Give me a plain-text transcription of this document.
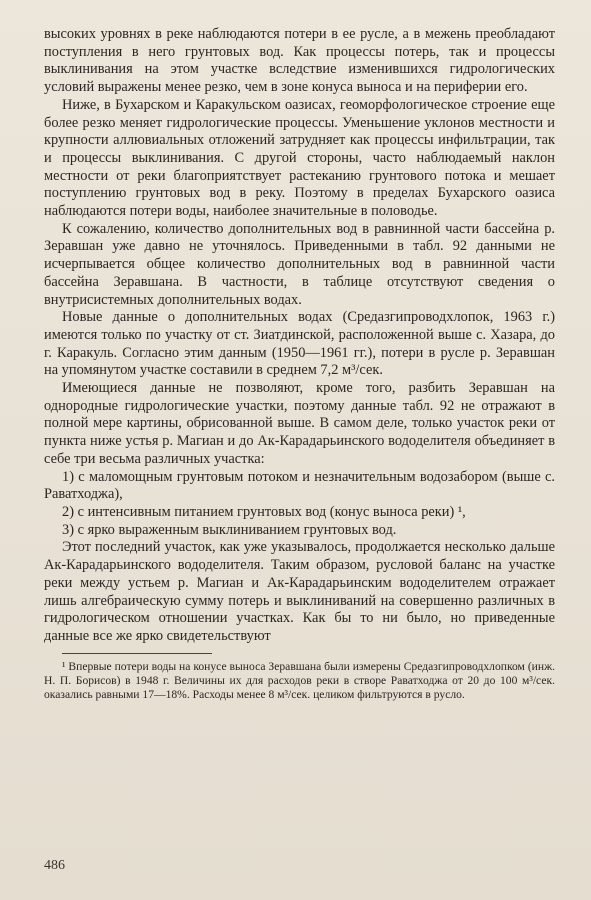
высоких уровнях в реке наблюдаются потери в ее русле, а в межень преобладают поступления в него грунтовых вод. Как процессы потерь, так и процессы выклинивания на этом участке вследствие изменившихся гидрологических условий выражены менее резко, чем в зоне конуса выноса и на периферии его.

Ниже, в Бухарском и Каракульском оазисах, геоморфологическое строение еще более резко меняет гидрологические процессы. Уменьшение уклонов местности и крупности аллювиальных отложений затрудняет как процессы инфильтрации, так и процессы выклинивания. С другой стороны, часто наблюдаемый наклон местности от реки благоприятствует растеканию грунтового потока и мешает поступлению грунтовых вод в реку. Поэтому в пределах Бухарского оазиса наблюдаются потери воды, наиболее значительные в половодье.

К сожалению, количество дополнительных вод в равнинной части бассейна р. Зеравшан уже давно не уточнялось. Приведенными в табл. 92 данными не исчерпывается общее количество дополнительных вод в равнинной части бассейна Зеравшана. В частности, в таблице отсутствуют сведения о внутрисистемных дополнительных водах.

Новые данные о дополнительных водах (Средазгипроводхлопок, 1963 г.) имеются только по участку от ст. Зиатдинской, расположенной выше с. Хазара, до г. Каракуль. Согласно этим данным (1950—1961 гг.), потери в русле р. Зеравшан на упомянутом участке составили в среднем 7,2 м³/сек.

Имеющиеся данные не позволяют, кроме того, разбить Зеравшан на однородные гидрологические участки, поэтому данные табл. 92 не отражают в полной мере картины, обрисованной выше. В самом деле, только участок реки от пункта ниже устья р. Магиан и до Ак-Карадарьинского вододелителя объединяет в себе три весьма различных участка:

1) с маломощным грунтовым потоком и незначительным водозабором (выше с. Раватходжа),

2) с интенсивным питанием грунтовых вод (конус выноса реки) ¹,

3) с ярко выраженным выклиниванием грунтовых вод.

Этот последний участок, как уже указывалось, продолжается несколько дальше Ак-Карадарьинского вододелителя. Таким образом, русловой баланс на участке реки между устьем р. Магиан и Ак-Карадарьинским вододелителем отражает лишь алгебраическую сумму потерь и выклиниваний на совершенно различных в гидрологическом отношении участках. Как бы то ни было, но приведенные данные все же ярко свидетельствуют

¹ Впервые потери воды на конусе выноса Зеравшана были измерены Средазгипроводхлопком (инж. Н. П. Борисов) в 1948 г. Величины их для расходов реки в створе Раватходжа от 20 до 100 м³/сек. оказались равными 17—18%. Расходы менее 8 м³/сек. целиком фильтруются в русло.

486
